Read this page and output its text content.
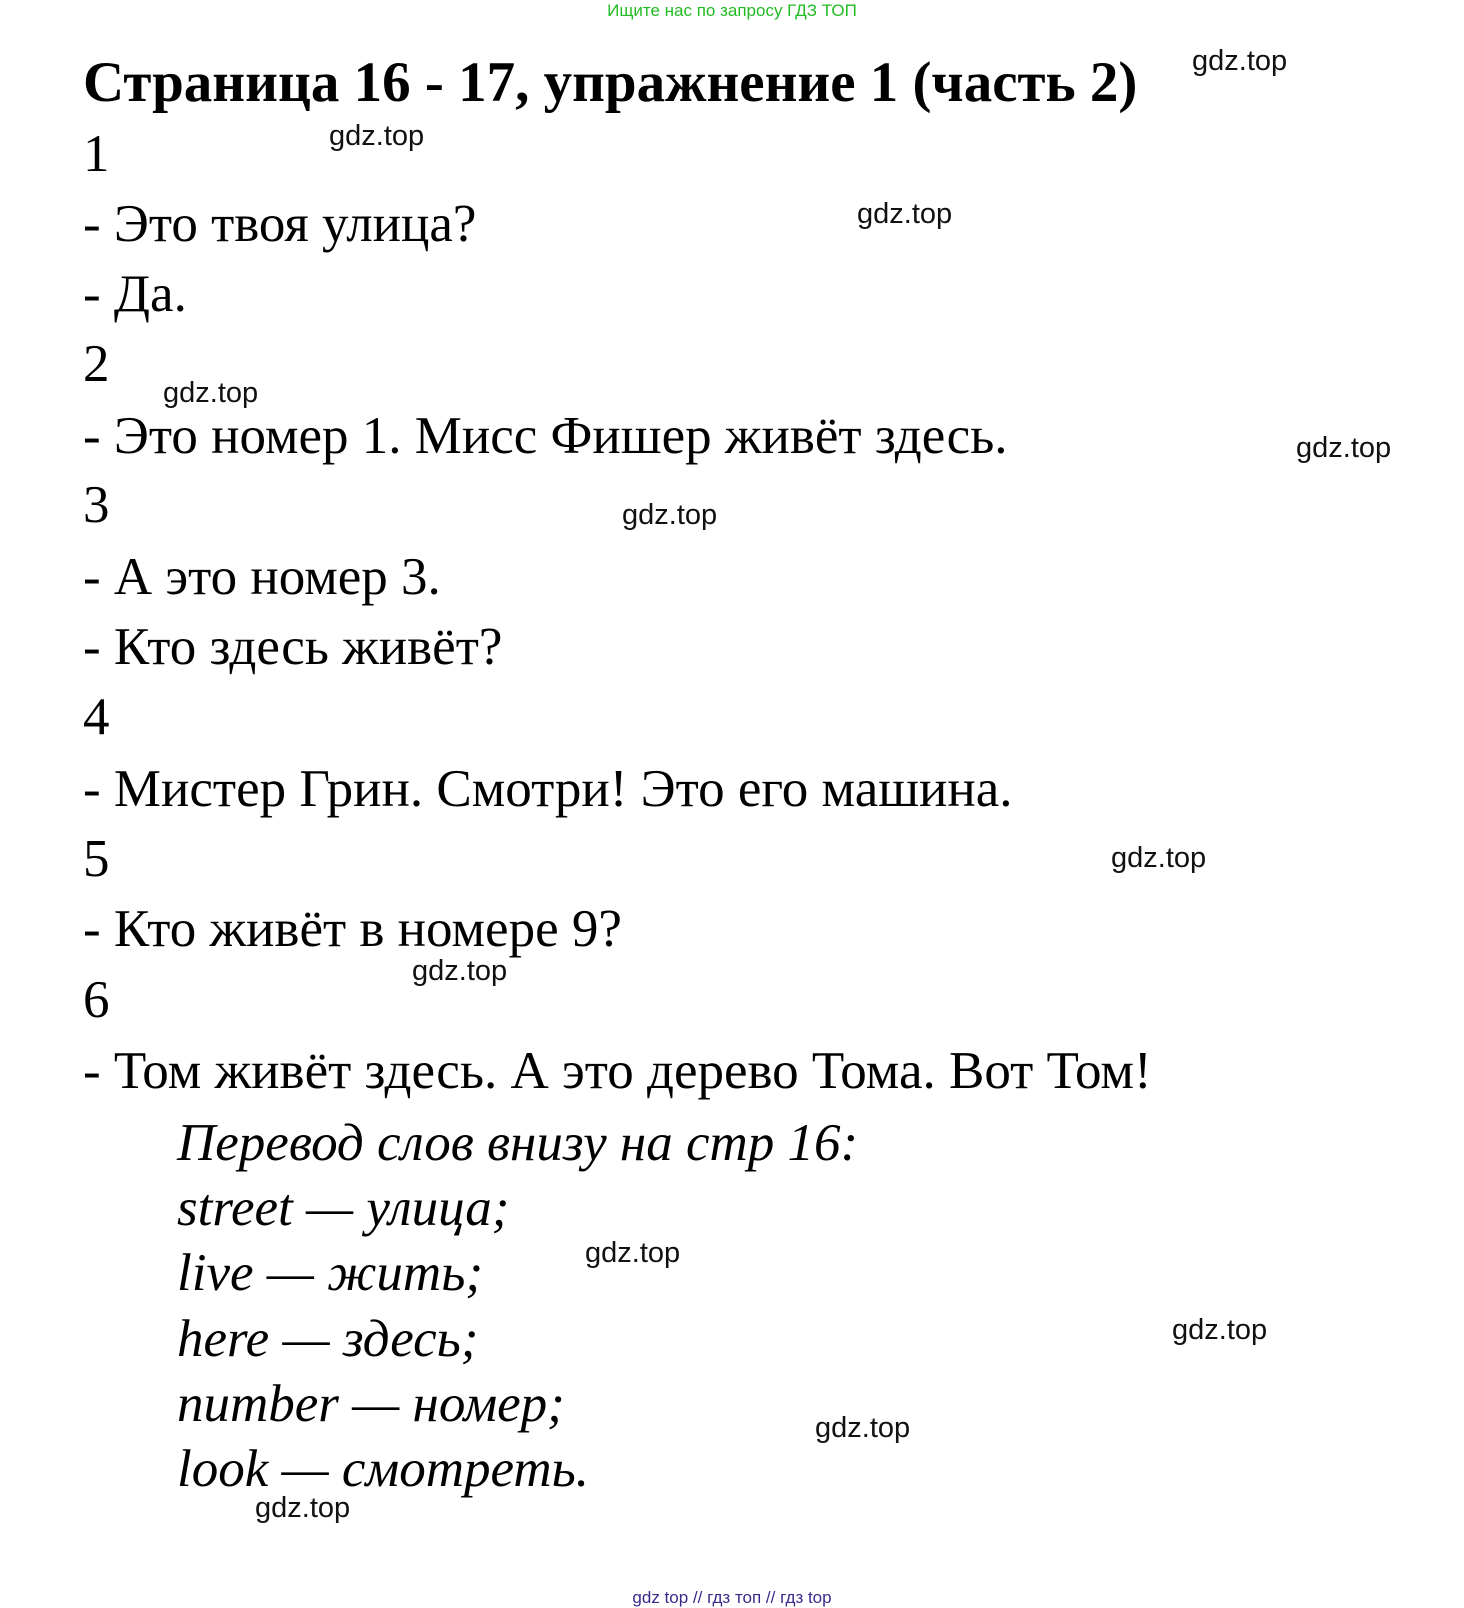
Ищите нас по запросу ГДЗ ТОП
Страница 16 - 17, упражнение 1 (часть 2)
1
- Это твоя улица?
- Да.
2
- Это номер 1. Мисс Фишер живёт здесь.
3
- А это номер 3.
- Кто здесь живёт?
4
- Мистер Грин. Смотри! Это его машина.
5
- Кто живёт в номере 9?
6
- Том живёт здесь. А это дерево Тома. Вот Том!
Перевод слов внизу на стр 16:
street — улица;
live — жить;
here — здесь;
number — номер;
look — смотреть.
gdz.top
gdz.top
gdz.top
gdz.top
gdz.top
gdz.top
gdz.top
gdz.top
gdz.top
gdz.top
gdz.top
gdz.top
gdz top // гдз топ // гдз top
